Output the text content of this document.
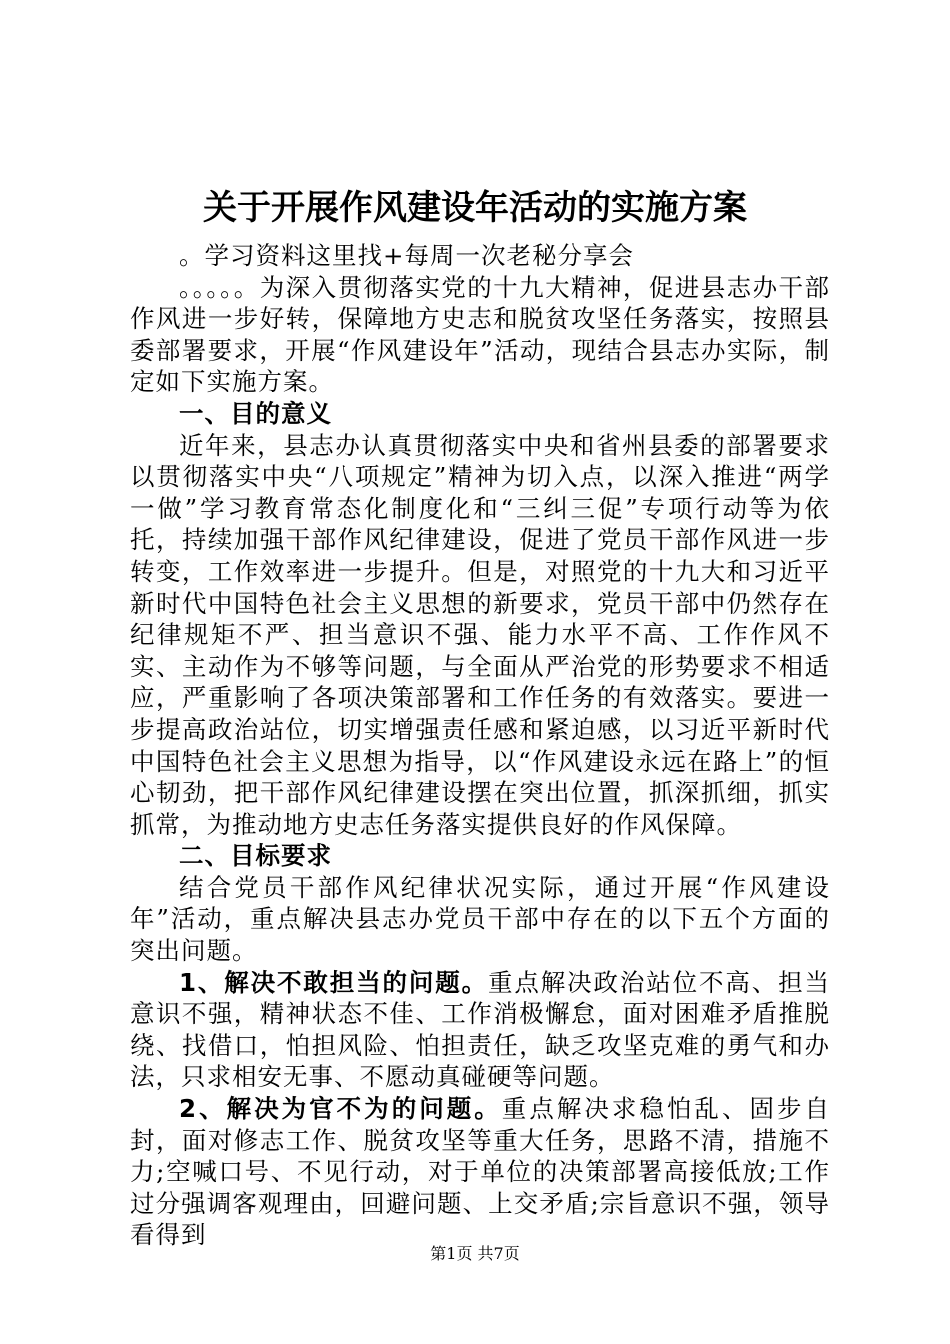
关于开展作风建设年活动的实施方案

。学习资料这里找+每周一次老秘分享会

。。。。。为深入贯彻落实党的十九大精神，促进县志办干部作风进一步好转，保障地方史志和脱贫攻坚任务落实，按照县委部署要求，开展“作风建设年”活动，现结合县志办实际，制定如下实施方案。

一、目的意义

近年来，县志办认真贯彻落实中央和省州县委的部署要求以贯彻落实中央“八项规定”精神为切入点，以深入推进“两学一做”学习教育常态化制度化和“三纠三促”专项行动等为依托，持续加强干部作风纪律建设，促进了党员干部作风进一步转变，工作效率进一步提升。但是，对照党的十九大和习近平新时代中国特色社会主义思想的新要求，党员干部中仍然存在纪律规矩不严、担当意识不强、能力水平不高、工作作风不实、主动作为不够等问题，与全面从严治党的形势要求不相适应，严重影响了各项决策部署和工作任务的有效落实。要进一步提高政治站位，切实增强责任感和紧迫感，以习近平新时代中国特色社会主义思想为指导，以“作风建设永远在路上”的恒心韧劲，把干部作风纪律建设摆在突出位置，抓深抓细，抓实抓常，为推动地方史志任务落实提供良好的作风保障。

二、目标要求

结合党员干部作风纪律状况实际，通过开展“作风建设年”活动，重点解决县志办党员干部中存在的以下五个方面的突出问题。

1、解决不敢担当的问题。重点解决政治站位不高、担当意识不强，精神状态不佳、工作消极懈怠，面对困难矛盾推脱绕、找借口，怕担风险、怕担责任，缺乏攻坚克难的勇气和办法，只求相安无事、不愿动真碰硬等问题。

2、解决为官不为的问题。重点解决求稳怕乱、固步自封，面对修志工作、脱贫攻坚等重大任务，思路不清，措施不力;空喊口号、不见行动，对于单位的决策部署高接低放;工作过分强调客观理由，回避问题、上交矛盾;宗旨意识不强，领导看得到

第1页 共7页
